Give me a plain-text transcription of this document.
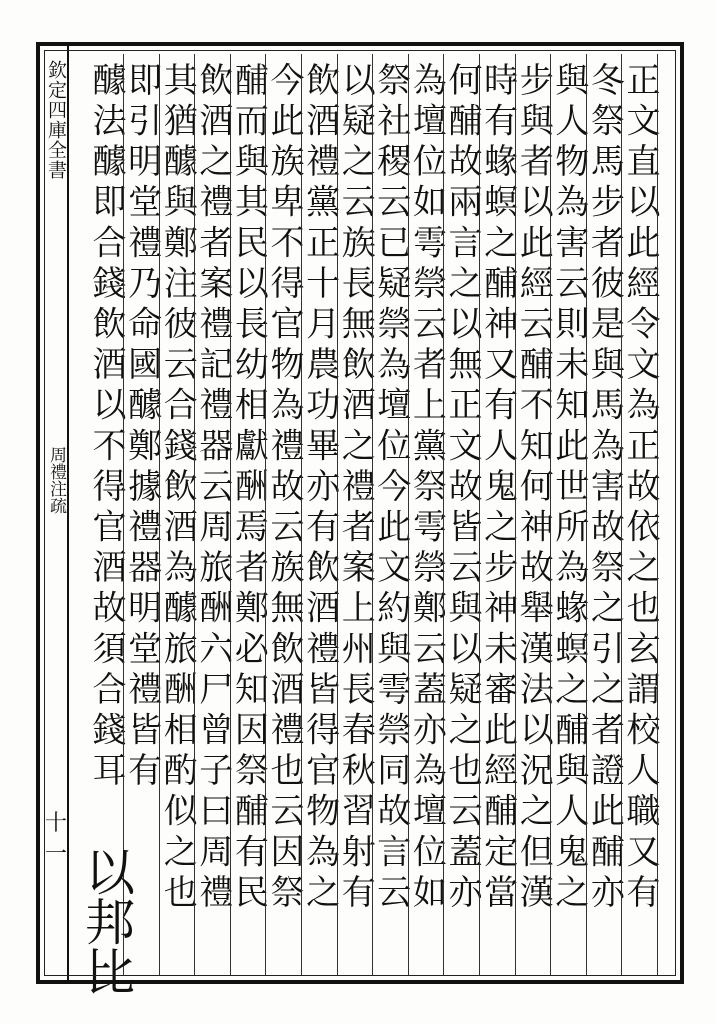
欽定四庫全書
周禮注疏
十一	正文直以此經令文為正故依之也玄謂校人職又有
冬祭馬步者彼是與馬為害故祭之引之者證此酺亦
與人物為害云則未知此世所為蝝螟之酺與人鬼之
步與者以此經云酺不知何神故舉漢法以況之但漢
時有蝝螟之酺神又有人鬼之步神未審此經酺定當
何酺故兩言之以無正文故皆云與以疑之也云蓋亦
為壇位如雩禜云者上黨祭雩禜鄭云蓋亦為壇位如
祭社稷云已疑禜為壇位今此文約與雩禜同故言云
以疑之云族長無飲酒之禮者案上州長春秋習射有
飲酒禮黨正十月農功畢亦有飲酒禮皆得官物為之
今此族卑不得官物為禮故云族無飲酒禮也云因祭
酺而與其民以長幼相獻酬焉者鄭必知因祭酺有民
飲酒之禮者案禮記禮器云周旅酬六尸曾子曰周禮
其猶醵與鄭注彼云合錢飲酒為醵旅酬相酌似之也
即引明堂禮乃命國醵鄭據禮器明堂禮皆有
醵法醵即合錢飲酒以不得官酒故須合錢耳
以邦比
